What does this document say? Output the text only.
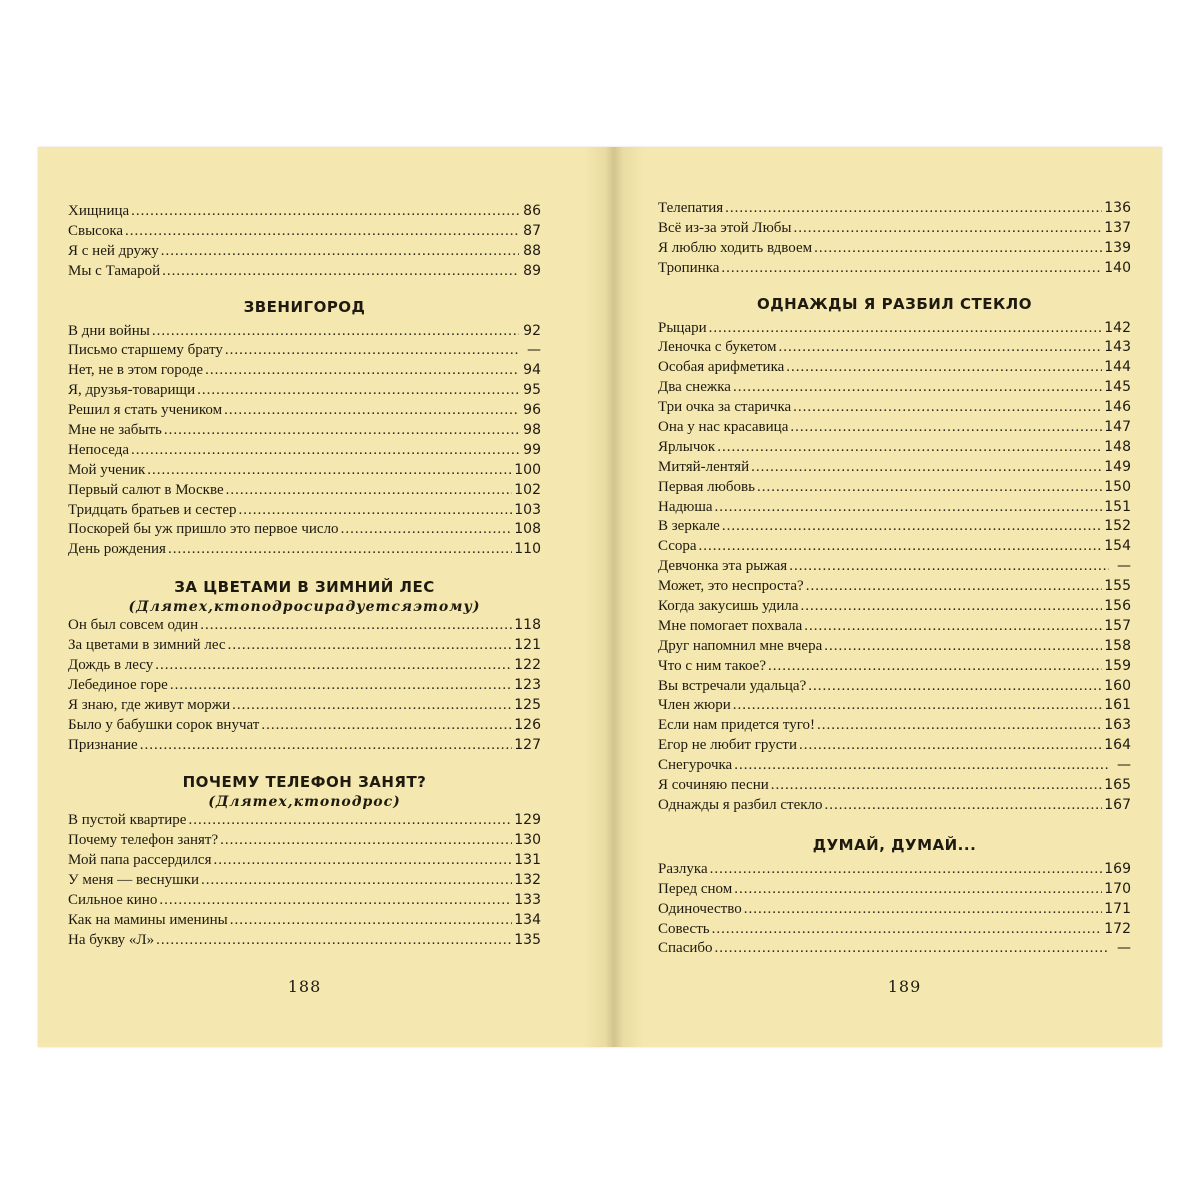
Хищница .....	86
Свысока .....	87
Я с ней дружу .....	88
Мы с Тамарой .....	89
ЗВЕНИГОРОД
В дни войны .....	92
Письмо старшему брату .....	—
Нет, не в этом городе .....	94
Я, друзья-товарищи .....	95
Решил я стать учеником .....	96
Мне не забыть .....	98
Непоседа .....	99
Мой ученик .....	100
Первый салют в Москве .....	102
Тридцать братьев и сестер .....	103
Поскорей бы уж пришло это первое число .....	108
День рождения .....	110
ЗА ЦВЕТАМИ В ЗИМНИЙ ЛЕС
(Длятех,ктоподросирадуетсяэтому)
Он был совсем один .....	118
За цветами в зимний лес .....	121
Дождь в лесу .....	122
Лебединое горе .....	123
Я знаю, где живут моржи .....	125
Было у бабушки сорок внучат .....	126
Признание .....	127
ПОЧЕМУ ТЕЛЕФОН ЗАНЯТ?
(Длятех,ктоподрос)
В пустой квартире .....	129
Почему телефон занят? .....	130
Мой папа рассердился .....	131
У меня — веснушки .....	132
Сильное кино .....	133
Как на мамины именины .....	134
На букву «Л» .....	135
188
Телепатия .....	136
Всё из-за этой Любы .....	137
Я люблю ходить вдвоем .....	139
Тропинка .....	140
ОДНАЖДЫ Я РАЗБИЛ СТЕКЛО
Рыцари .....	142
Леночка с букетом .....	143
Особая арифметика .....	144
Два снежка .....	145
Три очка за старичка .....	146
Она у нас красавица .....	147
Ярлычок .....	148
Митяй-лентяй .....	149
Первая любовь .....	150
Надюша .....	151
В зеркале .....	152
Ссора .....	154
Девчонка эта рыжая .....	—
Может, это неспроста? .....	155
Когда закусишь удила .....	156
Мне помогает похвала .....	157
Друг напомнил мне вчера .....	158
Что с ним такое? .....	159
Вы встречали удальца? .....	160
Член жюри .....	161
Если нам придется туго! .....	163
Егор не любит грусти .....	164
Снегурочка .....	—
Я сочиняю песни .....	165
Однажды я разбил стекло .....	167
ДУМАЙ, ДУМАЙ...
Разлука .....	169
Перед сном .....	170
Одиночество .....	171
Совесть .....	172
Спасибо .....	—
189
